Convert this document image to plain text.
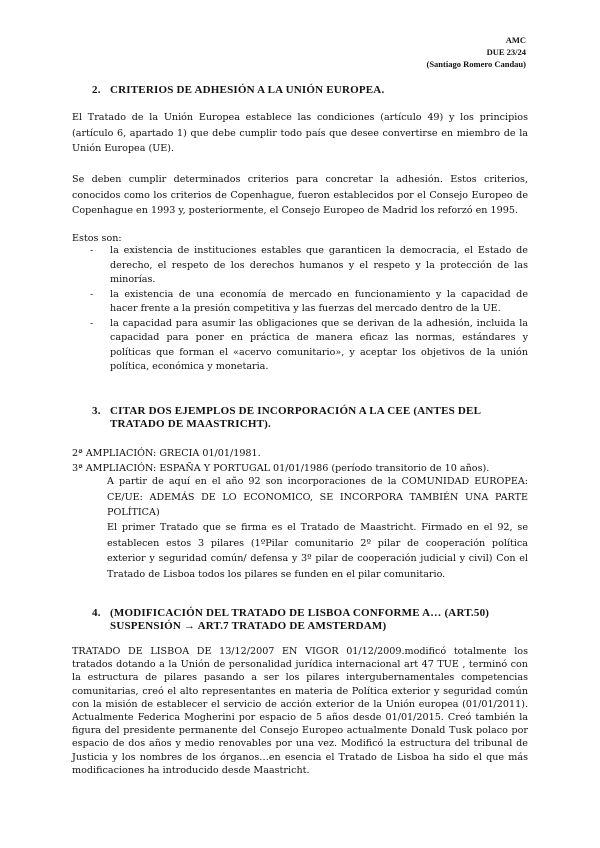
AMC
DUE 23/24
(Santiago Romero Candau)
2. CRITERIOS DE ADHESIÓN A LA UNIÓN EUROPEA.

El Tratado de la Unión Europea establece las condiciones (artículo 49) y los principios (artículo 6, apartado 1) que debe cumplir todo país que desee convertirse en miembro de la Unión Europea (UE).

Se deben cumplir determinados criterios para concretar la adhesión. Estos criterios, conocidos como los criterios de Copenhague, fueron establecidos por el Consejo Europeo de Copenhague en 1993 y, posteriormente, el Consejo Europeo de Madrid los reforzó en 1995.

Estos son:

- la existencia de instituciones estables que garanticen la democracia, el Estado de derecho, el respeto de los derechos humanos y el respeto y la protección de las minorías.
- la existencia de una economía de mercado en funcionamiento y la capacidad de hacer frente a la presión competitiva y las fuerzas del mercado dentro de la UE.
- la capacidad para asumir las obligaciones que se derivan de la adhesión, incluida la capacidad para poner en práctica de manera eficaz las normas, estándares y políticas que forman el «acervo comunitario», y aceptar los objetivos de la unión política, económica y monetaria.
3. CITAR DOS EJEMPLOS DE INCORPORACIÓN A LA CEE (ANTES DEL
TRATADO DE MAASTRICHT).

2ª AMPLIACIÓN: GRECIA 01/01/1981.

3ª AMPLIACIÓN: ESPAÑA Y PORTUGAL 01/01/1986 (período transitorio de 10 años).

A partir de aquí en el año 92 son incorporaciones de la COMUNIDAD EUROPEA: CE/UE: ADEMÁS DE LO ECONOMICO, SE INCORPORA TAMBIÉN UNA PARTE POLÍTICA)

El primer Tratado que se firma es el Tratado de Maastricht. Firmado en el 92, se establecen estos 3 pilares (1ºPilar comunitario 2º pilar de cooperación política exterior y seguridad común/ defensa y 3º pilar de cooperación judicial y civil) Con el Tratado de Lisboa todos los pilares se funden en el pilar comunitario.

4. (MODIFICACIÓN DEL TRATADO DE LISBOA CONFORME A… (ART.50)
SUSPENSIÓN → ART.7 TRATADO DE AMSTERDAM)

TRATADO DE LISBOA DE 13/12/2007 EN VIGOR 01/12/2009.modificó totalmente los tratados dotando a la Unión de personalidad jurídica internacional art 47 TUE , terminó con la estructura de pilares pasando a ser los pilares intergubernamentales competencias comunitarias, creó el alto representantes en materia de Política exterior y seguridad común con la misión de establecer el servicio de acción exterior de la Unión europea (01/01/2011). Actualmente Federica Mogherini por espacio de 5 años desde 01/01/2015. Creó también la figura del presidente permanente del Consejo Europeo actualmente Donald Tusk polaco por espacio de dos años y medio renovables por una vez. Modificó la estructura del tribunal de Justicia y los nombres de los órganos…en esencia el Tratado de Lisboa ha sido el que más modificaciones ha introducido desde Maastricht.
